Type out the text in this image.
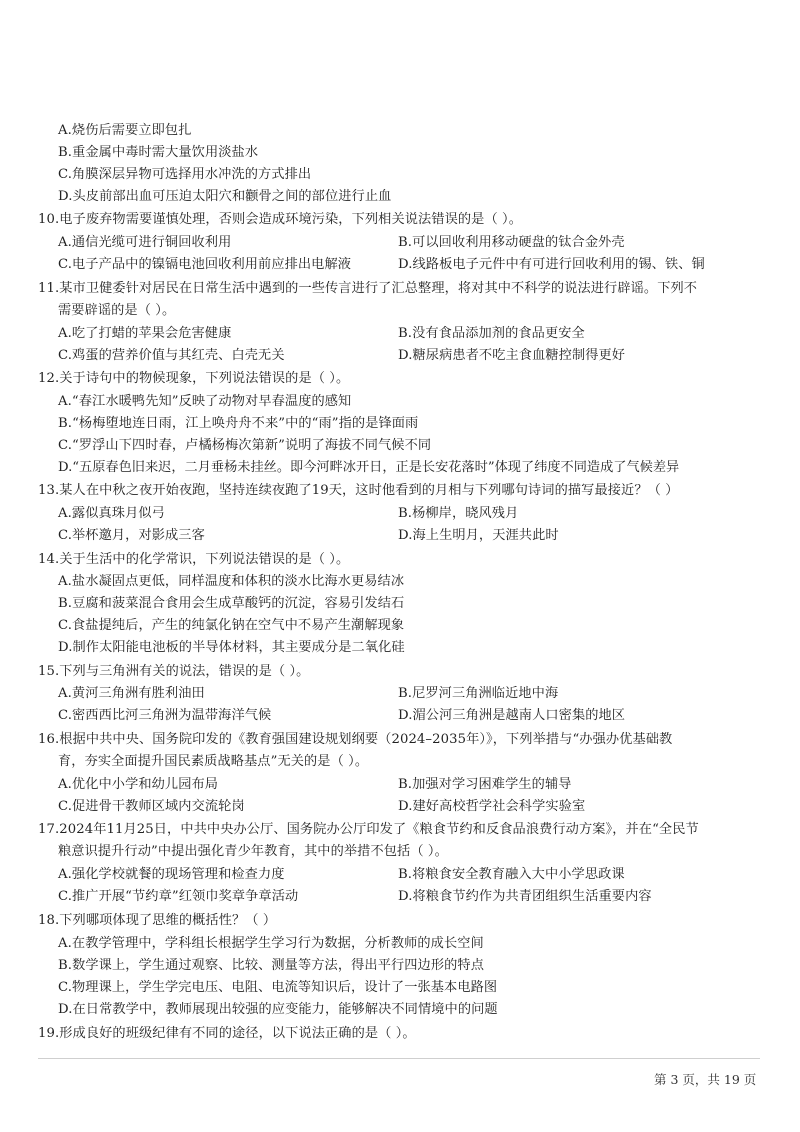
A.烧伤后需要立即包扎
B.重金属中毒时需大量饮用淡盐水
C.角膜深层异物可选择用水冲洗的方式排出
D.头皮前部出血可压迫太阳穴和颧骨之间的部位进行止血
10.电子废弃物需要谨慎处理，否则会造成环境污染，下列相关说法错误的是（ ）。
A.通信光缆可进行铜回收利用	B.可以回收利用移动硬盘的钛合金外壳
C.电子产品中的镍镉电池回收利用前应排出电解液	D.线路板电子元件中有可进行回收利用的锡、铁、铜
11.某市卫健委针对居民在日常生活中遇到的一些传言进行了汇总整理，将对其中不科学的说法进行辟谣。下列不
需要辟谣的是（ ）。
A.吃了打蜡的苹果会危害健康	B.没有食品添加剂的食品更安全
C.鸡蛋的营养价值与其红壳、白壳无关	D.糖尿病患者不吃主食血糖控制得更好
12.关于诗句中的物候现象，下列说法错误的是（ ）。
A.“春江水暖鸭先知”反映了动物对早春温度的感知
B.“杨梅堕地连日雨，江上唤舟舟不来”中的“雨”指的是锋面雨
C.“罗浮山下四时春，卢橘杨梅次第新”说明了海拔不同气候不同
D.“五原春色旧来迟，二月垂杨未挂丝。即今河畔冰开日，正是长安花落时”体现了纬度不同造成了气候差异
13.某人在中秋之夜开始夜跑，坚持连续夜跑了19天，这时他看到的月相与下列哪句诗词的描写最接近？（ ）
A.露似真珠月似弓	B.杨柳岸，晓风残月
C.举杯邀月，对影成三客	D.海上生明月，天涯共此时
14.关于生活中的化学常识，下列说法错误的是（ ）。
A.盐水凝固点更低，同样温度和体积的淡水比海水更易结冰
B.豆腐和菠菜混合食用会生成草酸钙的沉淀，容易引发结石
C.食盐提纯后，产生的纯氯化钠在空气中不易产生潮解现象
D.制作太阳能电池板的半导体材料，其主要成分是二氧化硅
15.下列与三角洲有关的说法，错误的是（ ）。
A.黄河三角洲有胜利油田	B.尼罗河三角洲临近地中海
C.密西西比河三角洲为温带海洋气候	D.湄公河三角洲是越南人口密集的地区
16.根据中共中央、国务院印发的《教育强国建设规划纲要（2024–2035年）》，下列举措与“办强办优基础教
育，夯实全面提升国民素质战略基点”无关的是（ ）。
A.优化中小学和幼儿园布局	B.加强对学习困难学生的辅导
C.促进骨干教师区域内交流轮岗	D.建好高校哲学社会科学实验室
17.2024年11月25日，中共中央办公厅、国务院办公厅印发了《粮食节约和反食品浪费行动方案》，并在“全民节
粮意识提升行动”中提出强化青少年教育，其中的举措不包括（ ）。
A.强化学校就餐的现场管理和检查力度	B.将粮食安全教育融入大中小学思政课
C.推广开展“节约章”红领巾奖章争章活动	D.将粮食节约作为共青团组织生活重要内容
18.下列哪项体现了思维的概括性？（ ）
A.在教学管理中，学科组长根据学生学习行为数据，分析教师的成长空间
B.数学课上，学生通过观察、比较、测量等方法，得出平行四边形的特点
C.物理课上，学生学完电压、电阻、电流等知识后，设计了一张基本电路图
D.在日常教学中，教师展现出较强的应变能力，能够解决不同情境中的问题
19.形成良好的班级纪律有不同的途径，以下说法正确的是（ ）。
第 3 页，共 19 页
